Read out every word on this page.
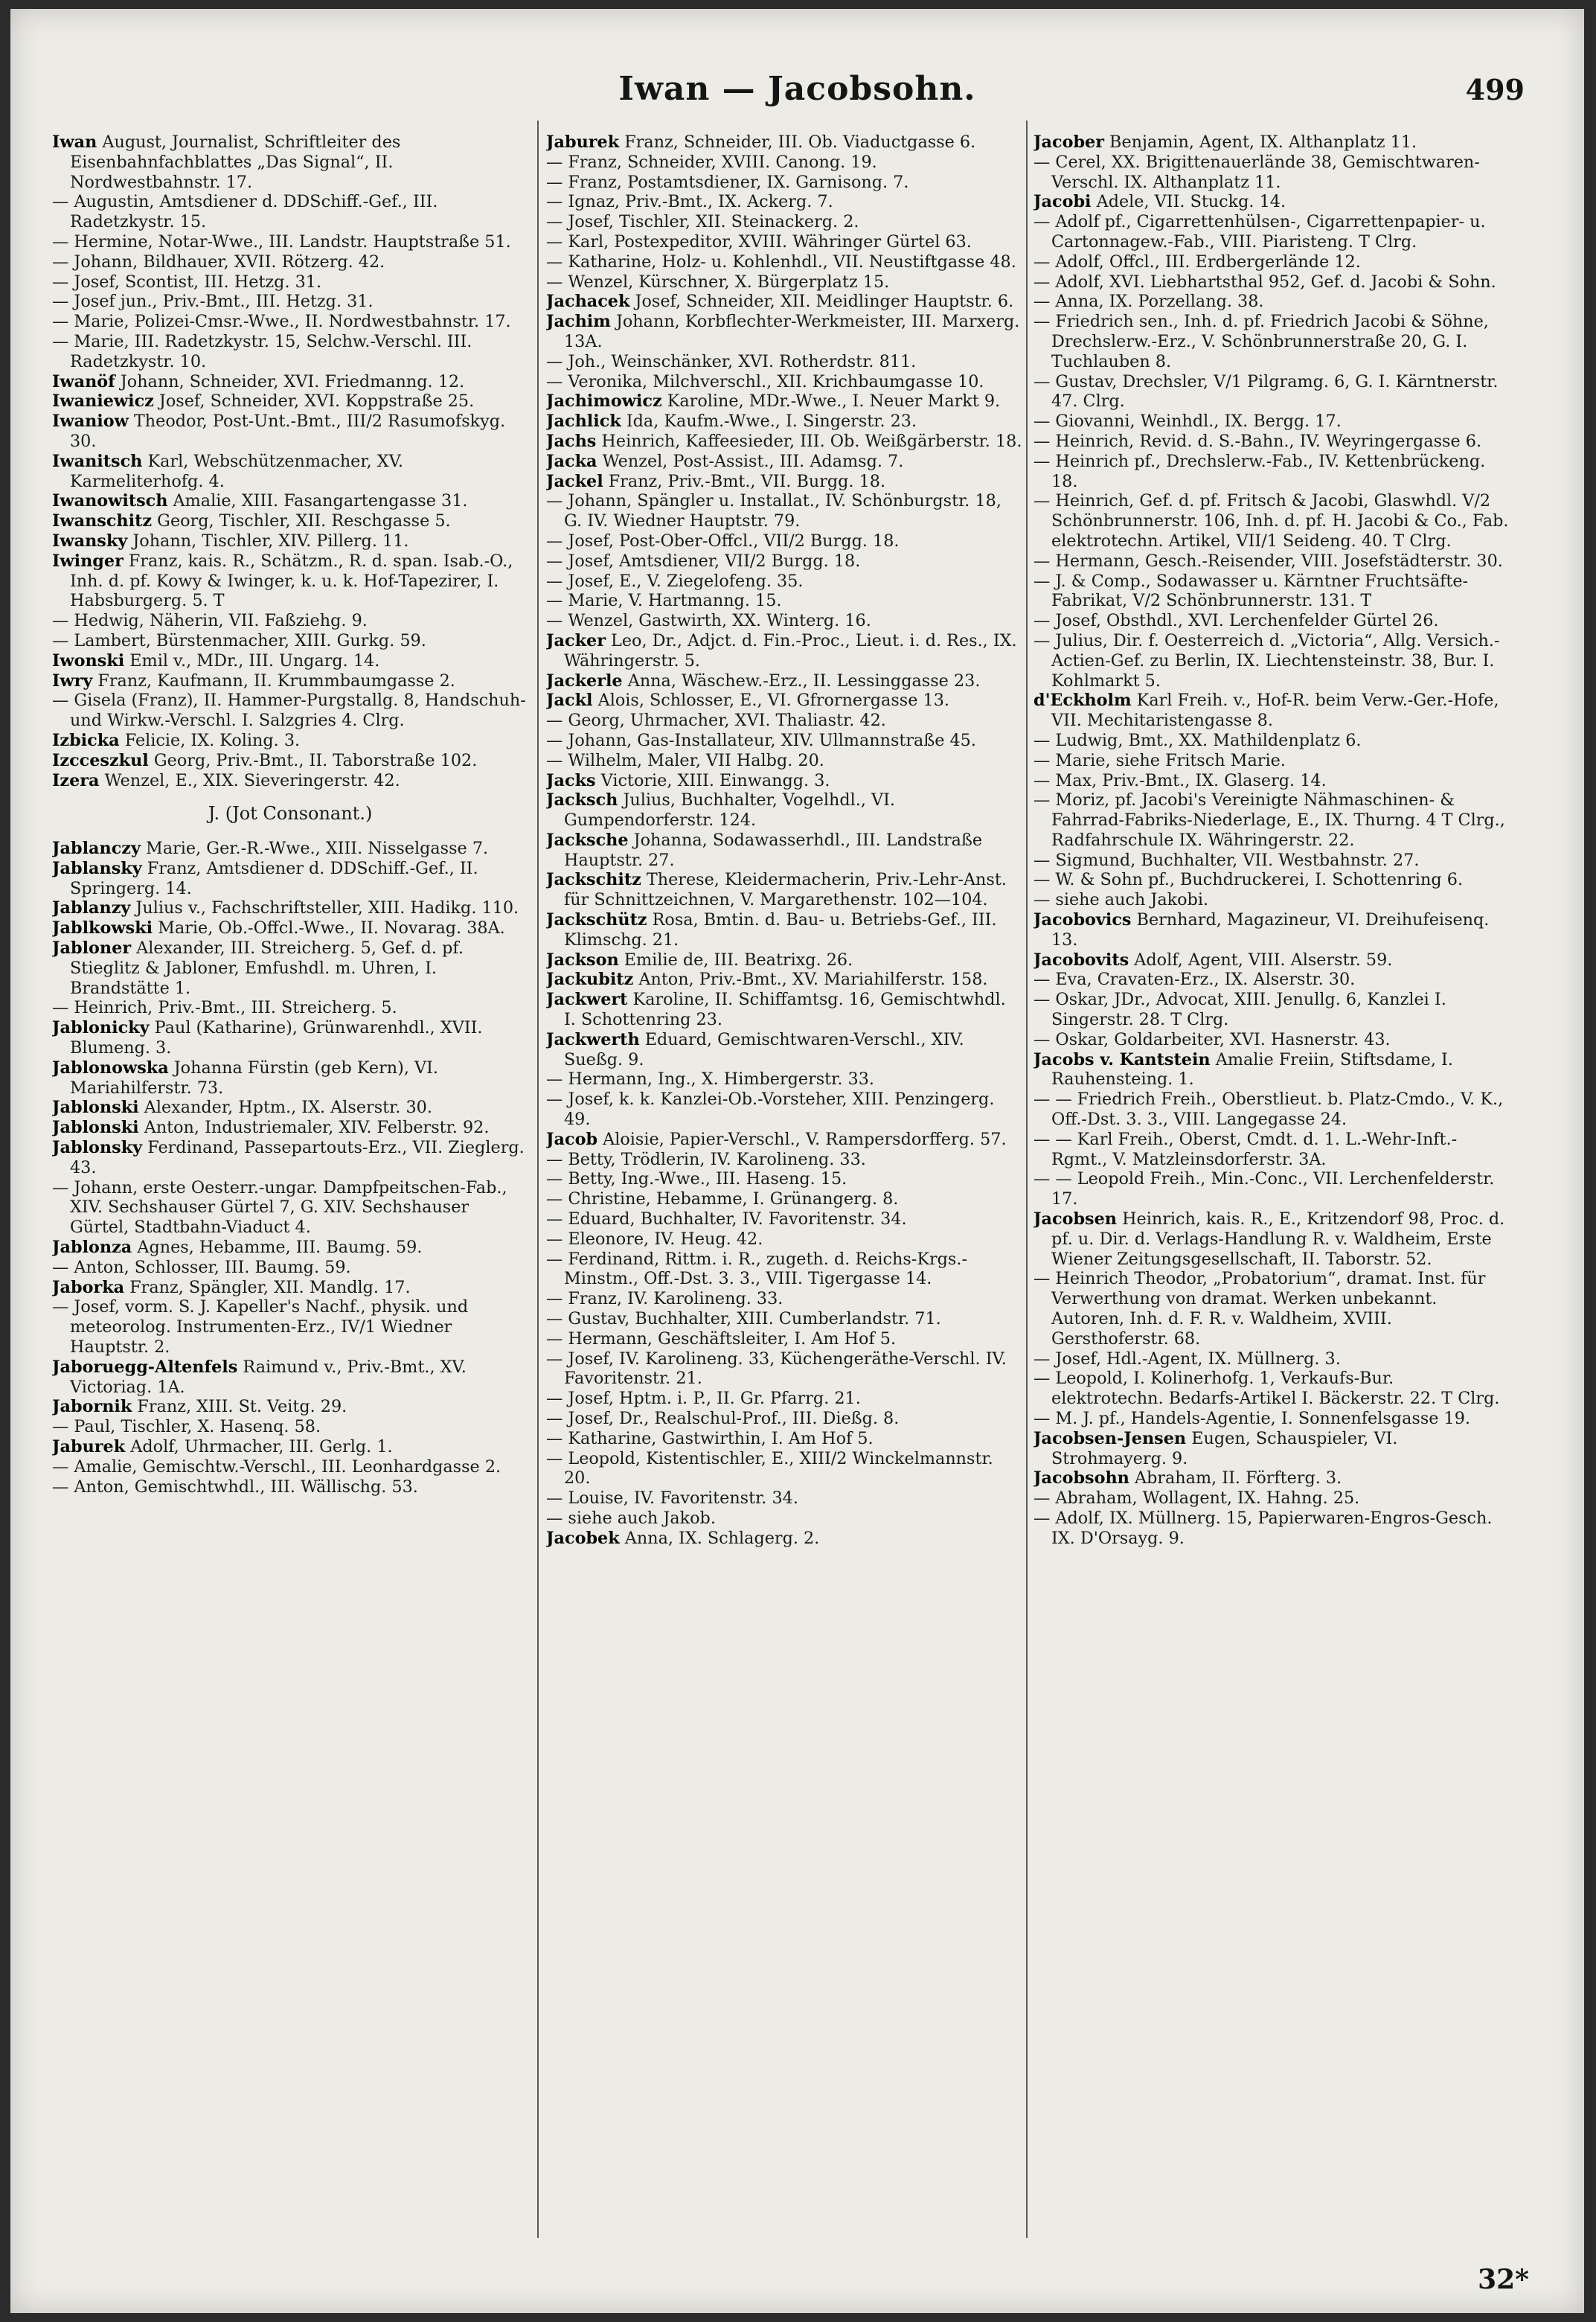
Iwan — Jacobsohn.	499

Iwan August, Journalist, Schriftleiter des Eisenbahnfachblattes „Das Signal“, II. Nordwestbahnstr. 17.

— Augustin, Amtsdiener d. DDSchiff.-Gef., III. Radetzkystr. 15.

— Hermine, Notar-Wwe., III. Landstr. Hauptstraße 51.

— Johann, Bildhauer, XVII. Rötzerg. 42.

— Josef, Scontist, III. Hetzg. 31.

— Josef jun., Priv.-Bmt., III. Hetzg. 31.

— Marie, Polizei-Cmsr.-Wwe., II. Nordwestbahnstr. 17.

— Marie, III. Radetzkystr. 15, Selchw.-Verschl. III. Radetzkystr. 10.

Iwanöf Johann, Schneider, XVI. Friedmanng. 12.

Iwaniewicz Josef, Schneider, XVI. Koppstraße 25.

Iwaniow Theodor, Post-Unt.-Bmt., III/2 Rasumofskyg. 30.

Iwanitsch Karl, Webschützenmacher, XV. Karmeliterhofg. 4.

Iwanowitsch Amalie, XIII. Fasangartengasse 31.

Iwanschitz Georg, Tischler, XII. Reschgasse 5.

Iwansky Johann, Tischler, XIV. Pillerg. 11.

Iwinger Franz, kais. R., Schätzm., R. d. span. Isab.-O., Inh. d. pf. Kowy & Iwinger, k. u. k. Hof-Tapezirer, I. Habsburgerg. 5. T

— Hedwig, Näherin, VII. Faßziehg. 9.

— Lambert, Bürstenmacher, XIII. Gurkg. 59.

Iwonski Emil v., MDr., III. Ungarg. 14.

Iwry Franz, Kaufmann, II. Krummbaumgasse 2.

— Gisela (Franz), II. Hammer-Purgstallg. 8, Handschuh- und Wirkw.-Verschl. I. Salzgries 4. Clrg.

Izbicka Felicie, IX. Koling. 3.

Izcceszkul Georg, Priv.-Bmt., II. Taborstraße 102.

Izera Wenzel, E., XIX. Sieveringerstr. 42.

J. (Jot Consonant.)

Jablanczy Marie, Ger.-R.-Wwe., XIII. Nisselgasse 7.

Jablansky Franz, Amtsdiener d. DDSchiff.-Gef., II. Springerg. 14.

Jablanzy Julius v., Fachschriftsteller, XIII. Hadikg. 110.

Jablkowski Marie, Ob.-Offcl.-Wwe., II. Novarag. 38A.

Jabloner Alexander, III. Streicherg. 5, Gef. d. pf. Stieglitz & Jabloner, Emfushdl. m. Uhren, I. Brandstätte 1.

— Heinrich, Priv.-Bmt., III. Streicherg. 5.

Jablonicky Paul (Katharine), Grünwarenhdl., XVII. Blumeng. 3.

Jablonowska Johanna Fürstin (geb Kern), VI. Mariahilferstr. 73.

Jablonski Alexander, Hptm., IX. Alserstr. 30.

Jablonski Anton, Industriemaler, XIV. Felberstr. 92.

Jablonsky Ferdinand, Passepartouts-Erz., VII. Zieglerg. 43.

— Johann, erste Oesterr.-ungar. Dampfpeitschen-Fab., XIV. Sechshauser Gürtel 7, G. XIV. Sechshauser Gürtel, Stadtbahn-Viaduct 4.

Jablonza Agnes, Hebamme, III. Baumg. 59.

— Anton, Schlosser, III. Baumg. 59.

Jaborka Franz, Spängler, XII. Mandlg. 17.

— Josef, vorm. S. J. Kapeller's Nachf., physik. und meteorolog. Instrumenten-Erz., IV/1 Wiedner Hauptstr. 2.

Jaboruegg-Altenfels Raimund v., Priv.-Bmt., XV. Victoriag. 1A.

Jabornik Franz, XIII. St. Veitg. 29.

— Paul, Tischler, X. Hasenq. 58.

Jaburek Adolf, Uhrmacher, III. Gerlg. 1.

— Amalie, Gemischtw.-Verschl., III. Leonhardgasse 2.

— Anton, Gemischtwhdl., III. Wällischg. 53.

Jaburek Franz, Schneider, III. Ob. Viaductgasse 6.

— Franz, Schneider, XVIII. Canong. 19.

— Franz, Postamtsdiener, IX. Garnisong. 7.

— Ignaz, Priv.-Bmt., IX. Ackerg. 7.

— Josef, Tischler, XII. Steinackerg. 2.

— Karl, Postexpeditor, XVIII. Währinger Gürtel 63.

— Katharine, Holz- u. Kohlenhdl., VII. Neustiftgasse 48.

— Wenzel, Kürschner, X. Bürgerplatz 15.

Jachacek Josef, Schneider, XII. Meidlinger Hauptstr. 6.

Jachim Johann, Korbflechter-Werkmeister, III. Marxerg. 13A.

— Joh., Weinschänker, XVI. Rotherdstr. 811.

— Veronika, Milchverschl., XII. Krichbaumgasse 10.

Jachimowicz Karoline, MDr.-Wwe., I. Neuer Markt 9.

Jachlick Ida, Kaufm.-Wwe., I. Singerstr. 23.

Jachs Heinrich, Kaffeesieder, III. Ob. Weißgärberstr. 18.

Jacka Wenzel, Post-Assist., III. Adamsg. 7.

Jackel Franz, Priv.-Bmt., VII. Burgg. 18.

— Johann, Spängler u. Installat., IV. Schönburgstr. 18, G. IV. Wiedner Hauptstr. 79.

— Josef, Post-Ober-Offcl., VII/2 Burgg. 18.

— Josef, Amtsdiener, VII/2 Burgg. 18.

— Josef, E., V. Ziegelofeng. 35.

— Marie, V. Hartmanng. 15.

— Wenzel, Gastwirth, XX. Winterg. 16.

Jacker Leo, Dr., Adjct. d. Fin.-Proc., Lieut. i. d. Res., IX. Währingerstr. 5.

Jackerle Anna, Wäschew.-Erz., II. Lessinggasse 23.

Jackl Alois, Schlosser, E., VI. Gfrornergasse 13.

— Georg, Uhrmacher, XVI. Thaliastr. 42.

— Johann, Gas-Installateur, XIV. Ullmannstraße 45.

— Wilhelm, Maler, VII Halbg. 20.

Jacks Victorie, XIII. Einwangg. 3.

Jacksch Julius, Buchhalter, Vogelhdl., VI. Gumpendorferstr. 124.

Jacksche Johanna, Sodawasserhdl., III. Landstraße Hauptstr. 27.

Jackschitz Therese, Kleidermacherin, Priv.-Lehr-Anst. für Schnittzeichnen, V. Margarethenstr. 102—104.

Jackschütz Rosa, Bmtin. d. Bau- u. Betriebs-Gef., III. Klimschg. 21.

Jackson Emilie de, III. Beatrixg. 26.

Jackubitz Anton, Priv.-Bmt., XV. Mariahilferstr. 158.

Jackwert Karoline, II. Schiffamtsg. 16, Gemischtwhdl. I. Schottenring 23.

Jackwerth Eduard, Gemischtwaren-Verschl., XIV. Sueßg. 9.

— Hermann, Ing., X. Himbergerstr. 33.

— Josef, k. k. Kanzlei-Ob.-Vorsteher, XIII. Penzingerg. 49.

Jacob Aloisie, Papier-Verschl., V. Rampersdorfferg. 57.

— Betty, Trödlerin, IV. Karolineng. 33.

— Betty, Ing.-Wwe., III. Haseng. 15.

— Christine, Hebamme, I. Grünangerg. 8.

— Eduard, Buchhalter, IV. Favoritenstr. 34.

— Eleonore, IV. Heug. 42.

— Ferdinand, Rittm. i. R., zugeth. d. Reichs-Krgs.-Minstm., Off.-Dst. 3. 3., VIII. Tigergasse 14.

— Franz, IV. Karolineng. 33.

— Gustav, Buchhalter, XIII. Cumberlandstr. 71.

— Hermann, Geschäftsleiter, I. Am Hof 5.

— Josef, IV. Karolineng. 33, Küchengeräthe-Verschl. IV. Favoritenstr. 21.

— Josef, Hptm. i. P., II. Gr. Pfarrg. 21.

— Josef, Dr., Realschul-Prof., III. Dießg. 8.

— Katharine, Gastwirthin, I. Am Hof 5.

— Leopold, Kistentischler, E., XIII/2 Winckelmannstr. 20.

— Louise, IV. Favoritenstr. 34.

— siehe auch Jakob.

Jacobek Anna, IX. Schlagerg. 2.

Jacober Benjamin, Agent, IX. Althanplatz 11.

— Cerel, XX. Brigittenauerlände 38, Gemischtwaren-Verschl. IX. Althanplatz 11.

Jacobi Adele, VII. Stuckg. 14.

— Adolf pf., Cigarrettenhülsen-, Cigarrettenpapier- u. Cartonnagew.-Fab., VIII. Piaristeng. T Clrg.

— Adolf, Offcl., III. Erdbergerlände 12.

— Adolf, XVI. Liebhartsthal 952, Gef. d. Jacobi & Sohn.

— Anna, IX. Porzellang. 38.

— Friedrich sen., Inh. d. pf. Friedrich Jacobi & Söhne, Drechslerw.-Erz., V. Schönbrunnerstraße 20, G. I. Tuchlauben 8.

— Gustav, Drechsler, V/1 Pilgramg. 6, G. I. Kärntnerstr. 47. Clrg.

— Giovanni, Weinhdl., IX. Bergg. 17.

— Heinrich, Revid. d. S.-Bahn., IV. Weyringergasse 6.

— Heinrich pf., Drechslerw.-Fab., IV. Kettenbrückeng. 18.

— Heinrich, Gef. d. pf. Fritsch & Jacobi, Glaswhdl. V/2 Schönbrunnerstr. 106, Inh. d. pf. H. Jacobi & Co., Fab. elektrotechn. Artikel, VII/1 Seideng. 40. T Clrg.

— Hermann, Gesch.-Reisender, VIII. Josefstädterstr. 30.

— J. & Comp., Sodawasser u. Kärntner Fruchtsäfte-Fabrikat, V/2 Schönbrunnerstr. 131. T

— Josef, Obsthdl., XVI. Lerchenfelder Gürtel 26.

— Julius, Dir. f. Oesterreich d. „Victoria“, Allg. Versich.-Actien-Gef. zu Berlin, IX. Liechtensteinstr. 38, Bur. I. Kohlmarkt 5.

d'Eckholm Karl Freih. v., Hof-R. beim Verw.-Ger.-Hofe, VII. Mechitaristengasse 8.

— Ludwig, Bmt., XX. Mathildenplatz 6.

— Marie, siehe Fritsch Marie.

— Max, Priv.-Bmt., IX. Glaserg. 14.

— Moriz, pf. Jacobi's Vereinigte Nähmaschinen- & Fahrrad-Fabriks-Niederlage, E., IX. Thurng. 4 T Clrg., Radfahrschule IX. Währingerstr. 22.

— Sigmund, Buchhalter, VII. Westbahnstr. 27.

— W. & Sohn pf., Buchdruckerei, I. Schottenring 6.

— siehe auch Jakobi.

Jacobovics Bernhard, Magazineur, VI. Dreihufeisenq. 13.

Jacobovits Adolf, Agent, VIII. Alserstr. 59.

— Eva, Cravaten-Erz., IX. Alserstr. 30.

— Oskar, JDr., Advocat, XIII. Jenullg. 6, Kanzlei I. Singerstr. 28. T Clrg.

— Oskar, Goldarbeiter, XVI. Hasnerstr. 43.

Jacobs v. Kantstein Amalie Freiin, Stiftsdame, I. Rauhensteing. 1.

— — Friedrich Freih., Oberstlieut. b. Platz-Cmdo., V. K., Off.-Dst. 3. 3., VIII. Langegasse 24.

— — Karl Freih., Oberst, Cmdt. d. 1. L.-Wehr-Inft.-Rgmt., V. Matzleinsdorferstr. 3A.

— — Leopold Freih., Min.-Conc., VII. Lerchenfelderstr. 17.

Jacobsen Heinrich, kais. R., E., Kritzendorf 98, Proc. d. pf. u. Dir. d. Verlags-Handlung R. v. Waldheim, Erste Wiener Zeitungsgesellschaft, II. Taborstr. 52.

— Heinrich Theodor, „Probatorium“, dramat. Inst. für Verwerthung von dramat. Werken unbekannt. Autoren, Inh. d. F. R. v. Waldheim, XVIII. Gersthoferstr. 68.

— Josef, Hdl.-Agent, IX. Müllnerg. 3.

— Leopold, I. Kolinerhofg. 1, Verkaufs-Bur. elektrotechn. Bedarfs-Artikel I. Bäckerstr. 22. T Clrg.

— M. J. pf., Handels-Agentie, I. Sonnenfelsgasse 19.

Jacobsen-Jensen Eugen, Schauspieler, VI. Strohmayerg. 9.

Jacobsohn Abraham, II. Förfterg. 3.

— Abraham, Wollagent, IX. Hahng. 25.

— Adolf, IX. Müllnerg. 15, Papierwaren-Engros-Gesch. IX. D'Orsayg. 9.

32*
